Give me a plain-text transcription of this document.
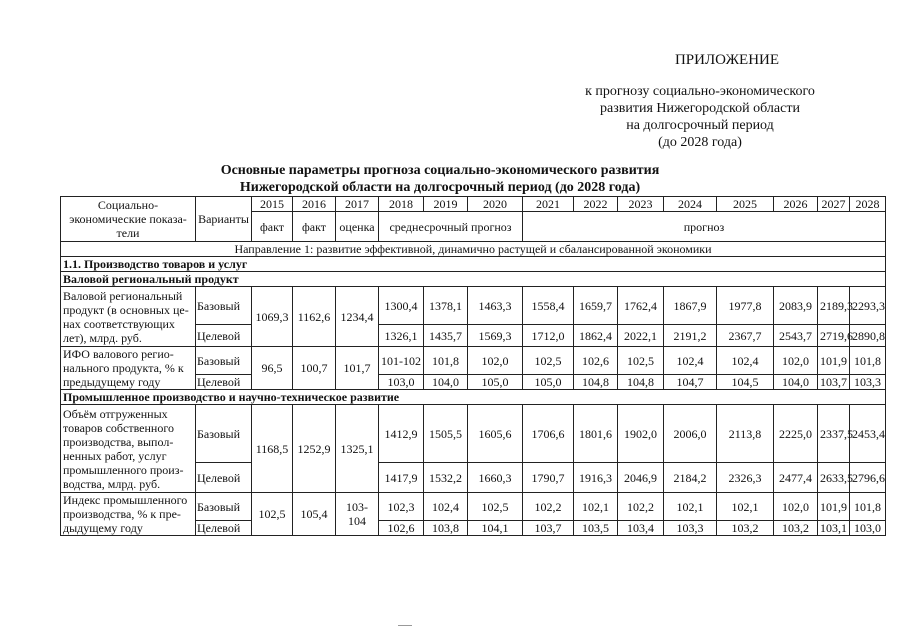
ПРИЛОЖЕНИЕ
к прогнозу социально-экономического
развития Нижегородской области
на долгосрочный период
(до 2028 года)
Основные параметры прогноза социально-экономического развития
Нижегородской области на долгосрочный период (до 2028 года)
Социально-экономические показа-тели	Варианты	2015	2016	2017	2018	2019	2020	2021	2022	2023	2024	2025	2026	2027	2028
		факт	факт	оценка	среднесрочный прогноз			прогноз							
Направление 1: развитие эффективной, динамично растущей и сбалансированной экономики															
1.1. Производство товаров и услуг															
Валовой региональный продукт															
Валовой региональный продукт (в основных це-нах соответствующих лет), млрд. руб.	Базовый	1069,3	1162,6	1234,4	1300,4	1378,1	1463,3	1558,4	1659,7	1762,4	1867,9	1977,8	2083,9	2189,3	2293,3
	Целевой				1326,1	1435,7	1569,3	1712,0	1862,4	2022,1	2191,2	2367,7	2543,7	2719,6	2890,8
ИФО валового регио-нального продукта, % к предыдущему году	Базовый	96,5	100,7	101,7	101-102	101,8	102,0	102,5	102,6	102,5	102,4	102,4	102,0	101,9	101,8
	Целевой				103,0	104,0	105,0	105,0	104,8	104,8	104,7	104,5	104,0	103,7	103,3
Промышленное производство и научно-техническое развитие															
Объём отгруженных товаров собственного производства, выпол-ненных работ, услуг промышленного произ-водства, млрд. руб.	Базовый	1168,5	1252,9	1325,1	1412,9	1505,5	1605,6	1706,6	1801,6	1902,0	2006,0	2113,8	2225,0	2337,5	2453,4
	Целевой				1417,9	1532,2	1660,3	1790,7	1916,3	2046,9	2184,2	2326,3	2477,4	2633,5	2796,6
Индекс промышленного производства, % к пре-дыдущему году	Базовый	102,5	105,4	103-104	102,3	102,4	102,5	102,2	102,1	102,2	102,1	102,1	102,0	101,9	101,8
	Целевой				102,6	103,8	104,1	103,7	103,5	103,4	103,3	103,2	103,2	103,1	103,0
